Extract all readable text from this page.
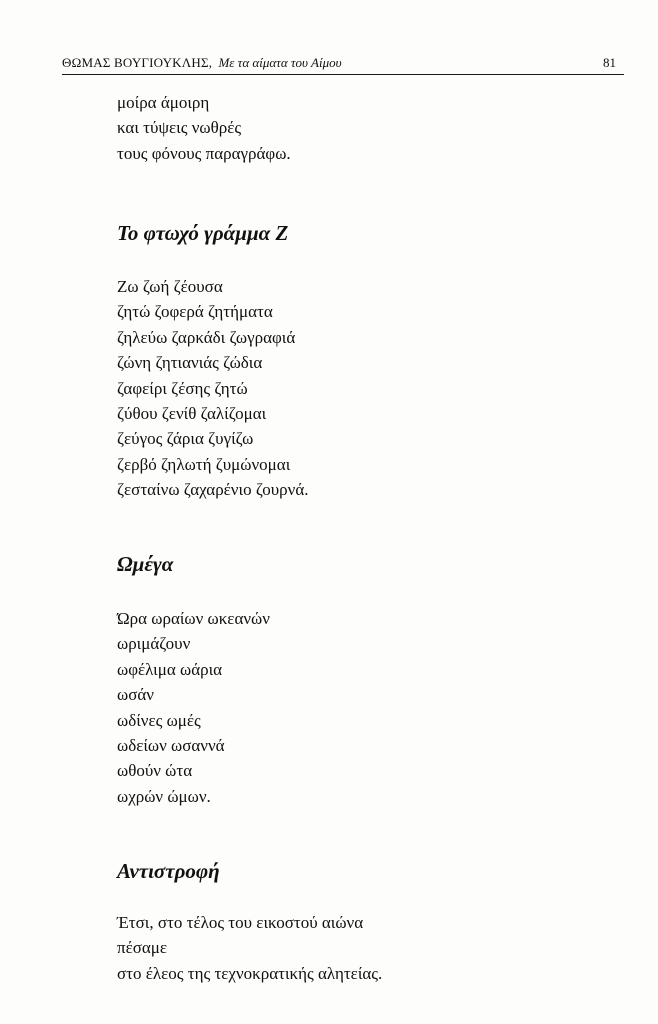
ΘΩΜΑΣ ΒΟΥΓΙΟΥΚΛΗΣ, Με τα αίματα του Αίμου	81
μοίρα άμοιρη
και τύψεις νωθρές
τους φόνους παραγράφω.
Το φτωχό γράμμα Ζ
Ζω ζωή ζέουσα
ζητώ ζοφερά ζητήματα
ζηλεύω ζαρκάδι ζωγραφιά
ζώνη ζητιανιάς ζώδια
ζαφείρι ζέσης ζητώ
ζύθου ζενίθ ζαλίζομαι
ζεύγος ζάρια ζυγίζω
ζερβό ζηλωτή ζυμώνομαι
ζεσταίνω ζαχαρένιο ζουρνά.
Ωμέγα
Ώρα ωραίων ωκεανών
ωριμάζουν
ωφέλιμα ωάρια
ωσάν
ωδίνες ωμές
ωδείων ωσαννά
ωθούν ώτα
ωχρών ώμων.
Αντιστροφή
Έτσι, στο τέλος του εικοστού αιώνα
πέσαμε
στο έλεος της τεχνοκρατικής αλητείας.
